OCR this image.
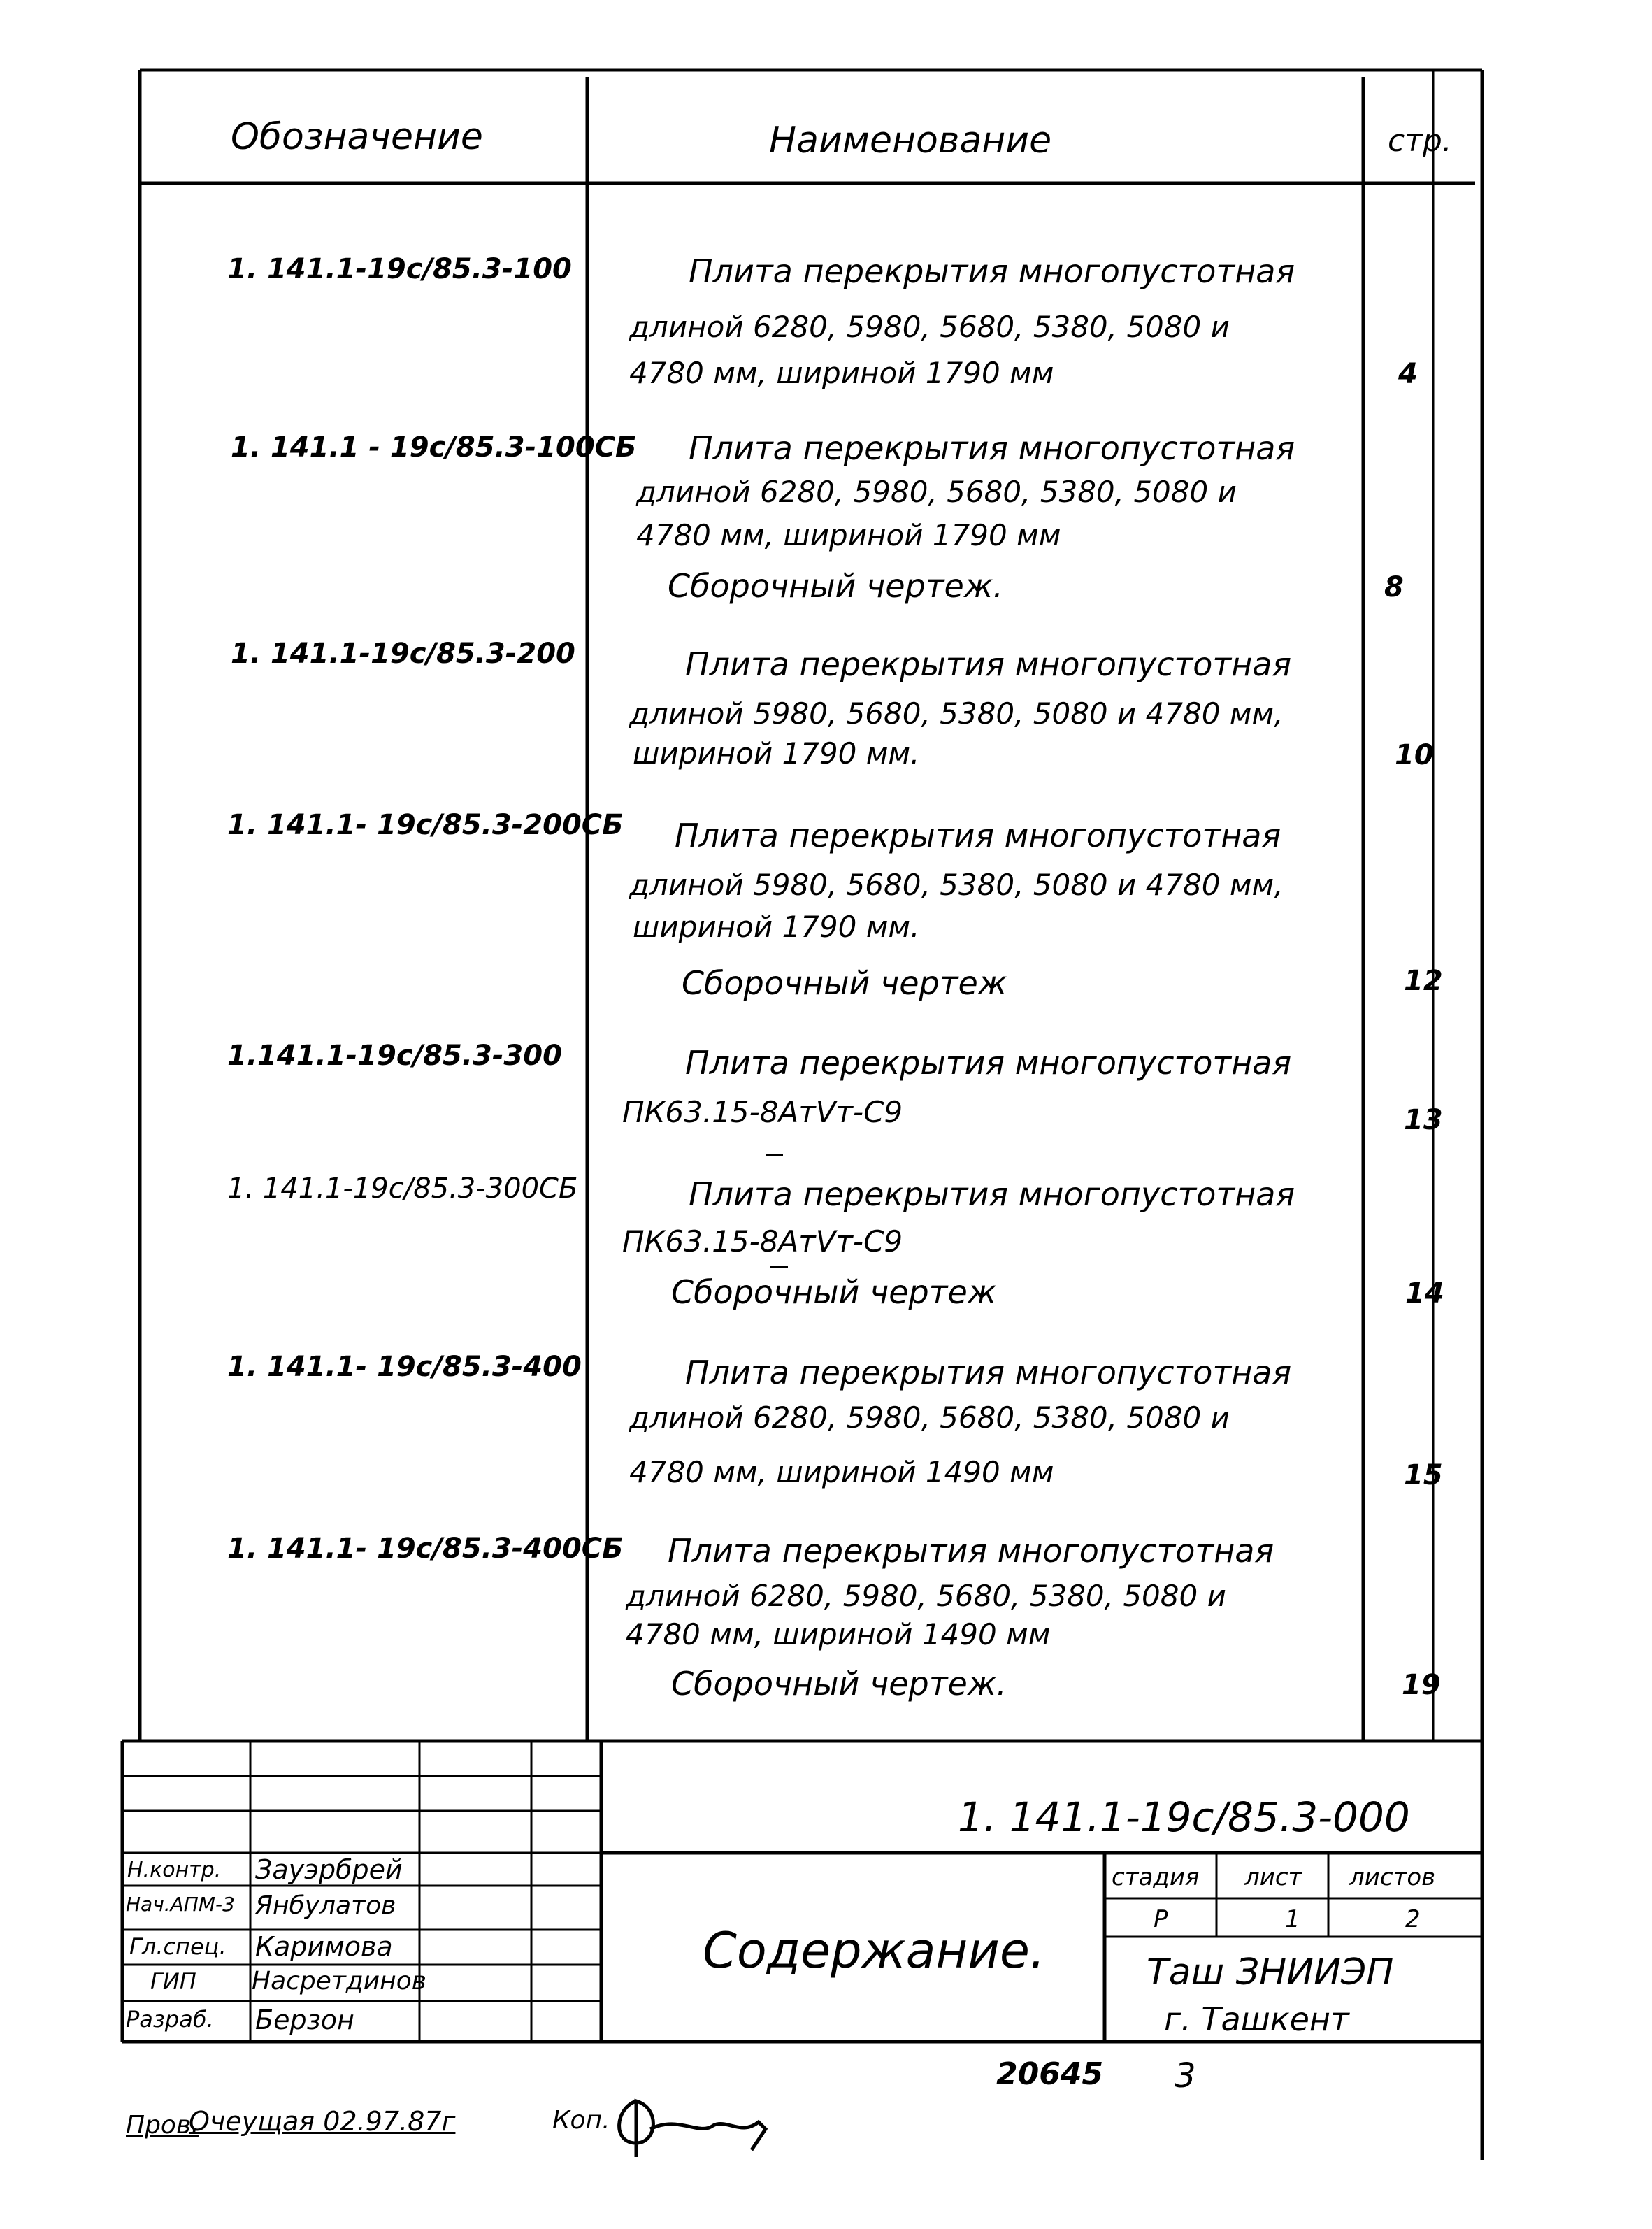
Обозначение	Наименование	стр.
1. 141.1-19с/85.3-100	Плита перекрытия многопустотная
длиной 6280, 5980, 5680, 5380, 5080 и
4780 мм, шириной 1790 мм	4
1. 141.1 - 19с/85.3-100СБ Плита перекрытия многопустотная
длиной 6280, 5980, 5680, 5380, 5080 и
4780 мм, шириной 1790 мм
Сборочный чертеж.	8
1. 141.1-19с/85.3-200	Плита перекрытия многопустотная
длиной 5980, 5680, 5380, 5080 и 4780 мм,
шириной 1790 мм.	10
1. 141.1- 19с/85.3-200СБ Плита перекрытия многопустотная
длиной 5980, 5680, 5380, 5080 и 4780 мм,
шириной 1790 мм.
Сборочный чертеж	12
1.141.1-19с/85.3-300	Плита перекрытия многопустотная
ПК63.15-8АтVт-С9	13
1. 141.1-19с/85.3-300СБ	Плита перекрытия многопустотная
ПК63.15-8АтVт-С9
Сборочный чертеж	14
1. 141.1- 19с/85.3-400	Плита перекрытия многопустотная
длиной 6280, 5980, 5680, 5380, 5080 и
4780 мм, шириной 1490 мм	15
1. 141.1- 19с/85.3-400СБ Плита перекрытия многопустотная
длиной 6280, 5980, 5680, 5380, 5080 и
4780 мм, шириной 1490 мм
Сборочный чертеж.	19
1. 141.1-19с/85.3-000
Н.контр. Зауэрбрей
Нач.АПМ-3 Янбулатов
Гл.спец. Каримова
ГИП Насретдинов
Разраб. Берзон
Содержание.
стадия лист листов
Р	1	2
Таш ЗНИИЭП
г. Ташкент
20645 3
Пров.
Очеущая 02.97.87г	Коп.
